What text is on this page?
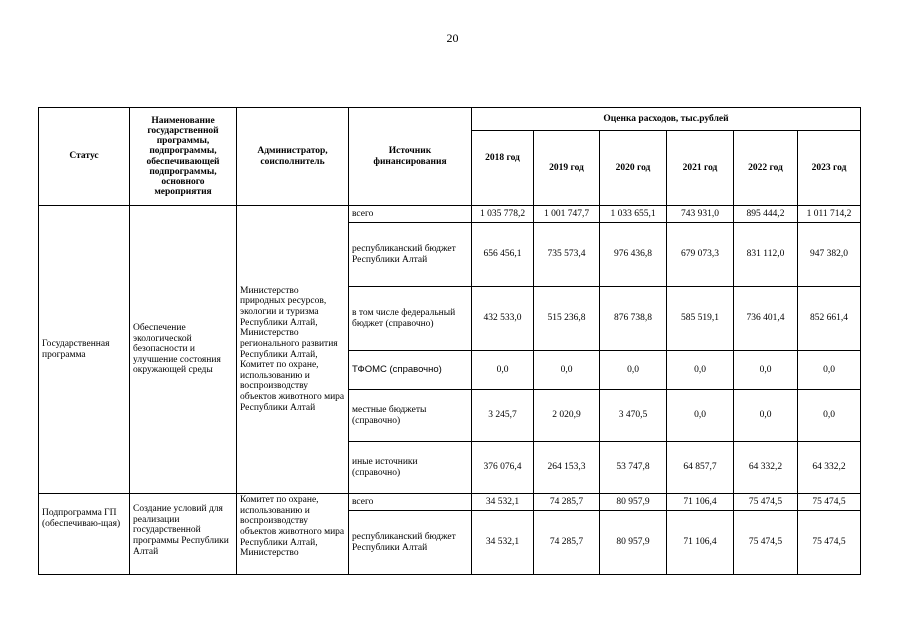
20
Статус	Наименование государственной программы, подпрограммы, обеспечивающей подпрограммы, основного мероприятия	Администратор, соисполнитель	Источник финансирования	Оценка расходов, тыс.рублей					
				2018 год	2019 год	2020 год	2021 год	2022 год	2023 год
Государственная программа	Обеспечение экологической безопасности и улучшение состояния окружающей среды	Министерство природных ресурсов, экологии и туризма Республики Алтай, Министерство регионального развития Республики Алтай, Комитет по охране, использованию и воспроизводству объектов животного мира Республики Алтай	всего	1 035 778,2	1 001 747,7	1 033 655,1	743 931,0	895 444,2	1 011 714,2
			республиканский бюджет Республики Алтай	656 456,1	735 573,4	976 436,8	679 073,3	831 112,0	947 382,0
			в том числе федеральный бюджет (справочно)	432 533,0	515 236,8	876 738,8	585 519,1	736 401,4	852 661,4
			ТФОМС (справочно)	0,0	0,0	0,0	0,0	0,0	0,0
			местные бюджеты (справочно)	3 245,7	2 020,9	3 470,5	0,0	0,0	0,0
			иные источники (справочно)	376 076,4	264 153,3	53 747,8	64 857,7	64 332,2	64 332,2
Подпрограмма ГП (обеспечиваю-щая)	Создание условий для реализации государственной программы Республики Алтай	Комитет по охране, использованию и воспроизводству объектов животного мира Республики Алтай, Министерство	всего	34 532,1	74 285,7	80 957,9	71 106,4	75 474,5	75 474,5
			республиканский бюджет Республики Алтай	34 532,1	74 285,7	80 957,9	71 106,4	75 474,5	75 474,5
